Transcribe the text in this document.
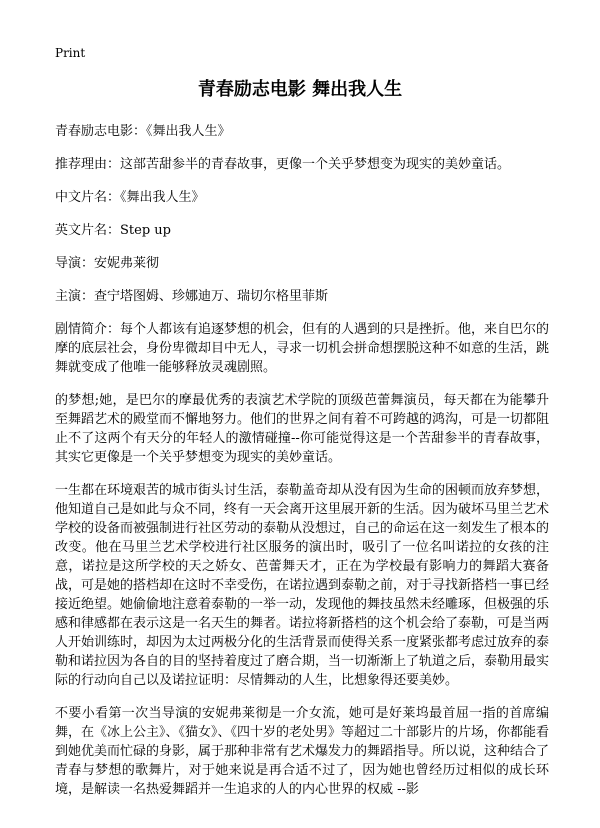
Print
青春励志电影 舞出我人生
青春励志电影：《舞出我人生》
推荐理由：这部苦甜参半的青春故事，更像一个关乎梦想变为现实的美妙童话。
中文片名：《舞出我人生》
英文片名：Step up
导演：安妮弗莱彻
主演：查宁塔图姆、珍娜迪万、瑞切尔格里菲斯
剧情简介：每个人都该有追逐梦想的机会，但有的人遇到的只是挫折。他，来自巴尔的摩的底层社会，身份卑微却目中无人，寻求一切机会拼命想摆脱这种不如意的生活，跳舞就变成了他唯一能够释放灵魂剧照。
的梦想;她，是巴尔的摩最优秀的表演艺术学院的顶级芭蕾舞演员，每天都在为能攀升至舞蹈艺术的殿堂而不懈地努力。他们的世界之间有着不可跨越的鸿沟，可是一切都阻止不了这两个有天分的年轻人的激情碰撞--你可能觉得这是一个苦甜参半的青春故事，其实它更像是一个关乎梦想变为现实的美妙童话。
一生都在环境艰苦的城市街头讨生活，泰勒盖奇却从没有因为生命的困顿而放弃梦想，他知道自己是如此与众不同，终有一天会离开这里展开新的生活。因为破坏马里兰艺术学校的设备而被强制进行社区劳动的泰勒从没想过，自己的命运在这一刻发生了根本的改变。他在马里兰艺术学校进行社区服务的演出时，吸引了一位名叫诺拉的女孩的注意，诺拉是这所学校的天之娇女、芭蕾舞天才，正在为学校最有影响力的舞蹈大赛备战，可是她的搭档却在这时不幸受伤，在诺拉遇到泰勒之前，对于寻找新搭档一事已经接近绝望。她偷偷地注意着泰勒的一举一动，发现他的舞技虽然未经雕琢，但极强的乐感和律感都在表示这是一名天生的舞者。诺拉将新搭档的这个机会给了泰勒，可是当两人开始训练时，却因为太过两极分化的生活背景而使得关系一度紧张都考虑过放弃的泰勒和诺拉因为各自的目的坚持着度过了磨合期，当一切渐渐上了轨道之后，泰勒用最实际的行动向自己以及诺拉证明：尽情舞动的人生，比想象得还要美妙。
不要小看第一次当导演的安妮弗莱彻是一介女流，她可是好莱坞最首屈一指的首席编舞，在《冰上公主》、《猫女》、《四十岁的老处男》等超过二十部影片的片场，你都能看到她优美而忙碌的身影，属于那种非常有艺术爆发力的舞蹈指导。所以说，这种结合了青春与梦想的歌舞片，对于她来说是再合适不过了，因为她也曾经历过相似的成长环境，是解读一名热爱舞蹈并一生追求的人的内心世界的权威 --影
